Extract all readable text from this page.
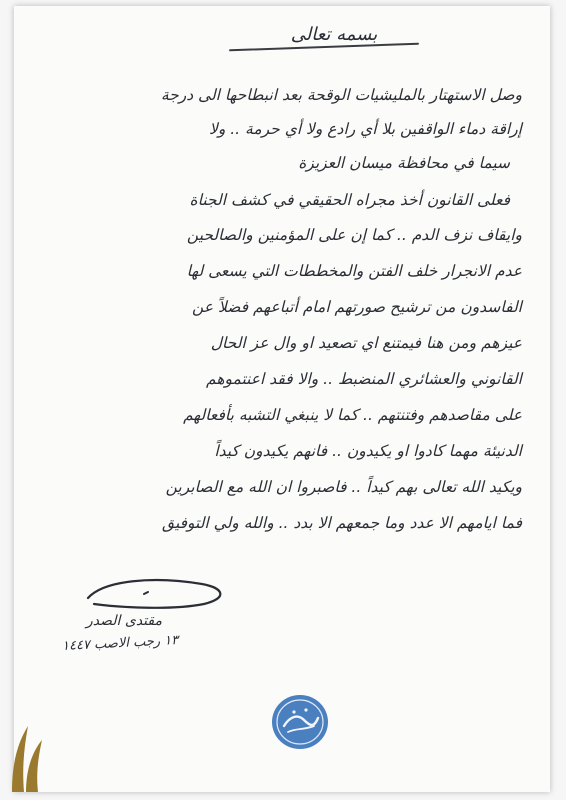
بسمه تعالى
وصل الاستهتار بالمليشيات الوقحة بعد انبطاحها الى درجة
إراقة دماء الواقفين بلا أي رادع ولا أي حرمة .. ولا
سيما في محافظة ميسان العزيزة
فعلى القانون أخذ مجراه الحقيقي في كشف الجناة
وايقاف نزف الدم .. كما إن على المؤمنين والصالحين
عدم الانجرار خلف الفتن والمخططات التي يسعى لها
الفاسدون من ترشيح صورتهم امام أتباعهم فضلاً عن
عيزهم ومن هنا فيمتنع اي تصعيد او وال عز الحال
القانوني والعشائري المنضبط .. والا فقد اعنتموهم
على مقاصدهم وفتنتهم .. كما لا ينبغي التشبه بأفعالهم
الدنيئة مهما كادوا او يكيدون .. فانهم يكيدون كيداً
ويكيد الله تعالى بهم كيداً .. فاصبروا ان الله مع الصابرين
فما ايامهم الا عدد وما جمعهم الا بدد .. والله ولي التوفيق
مقتدى الصدر
١٣ رجب الاصب ١٤٤٧
